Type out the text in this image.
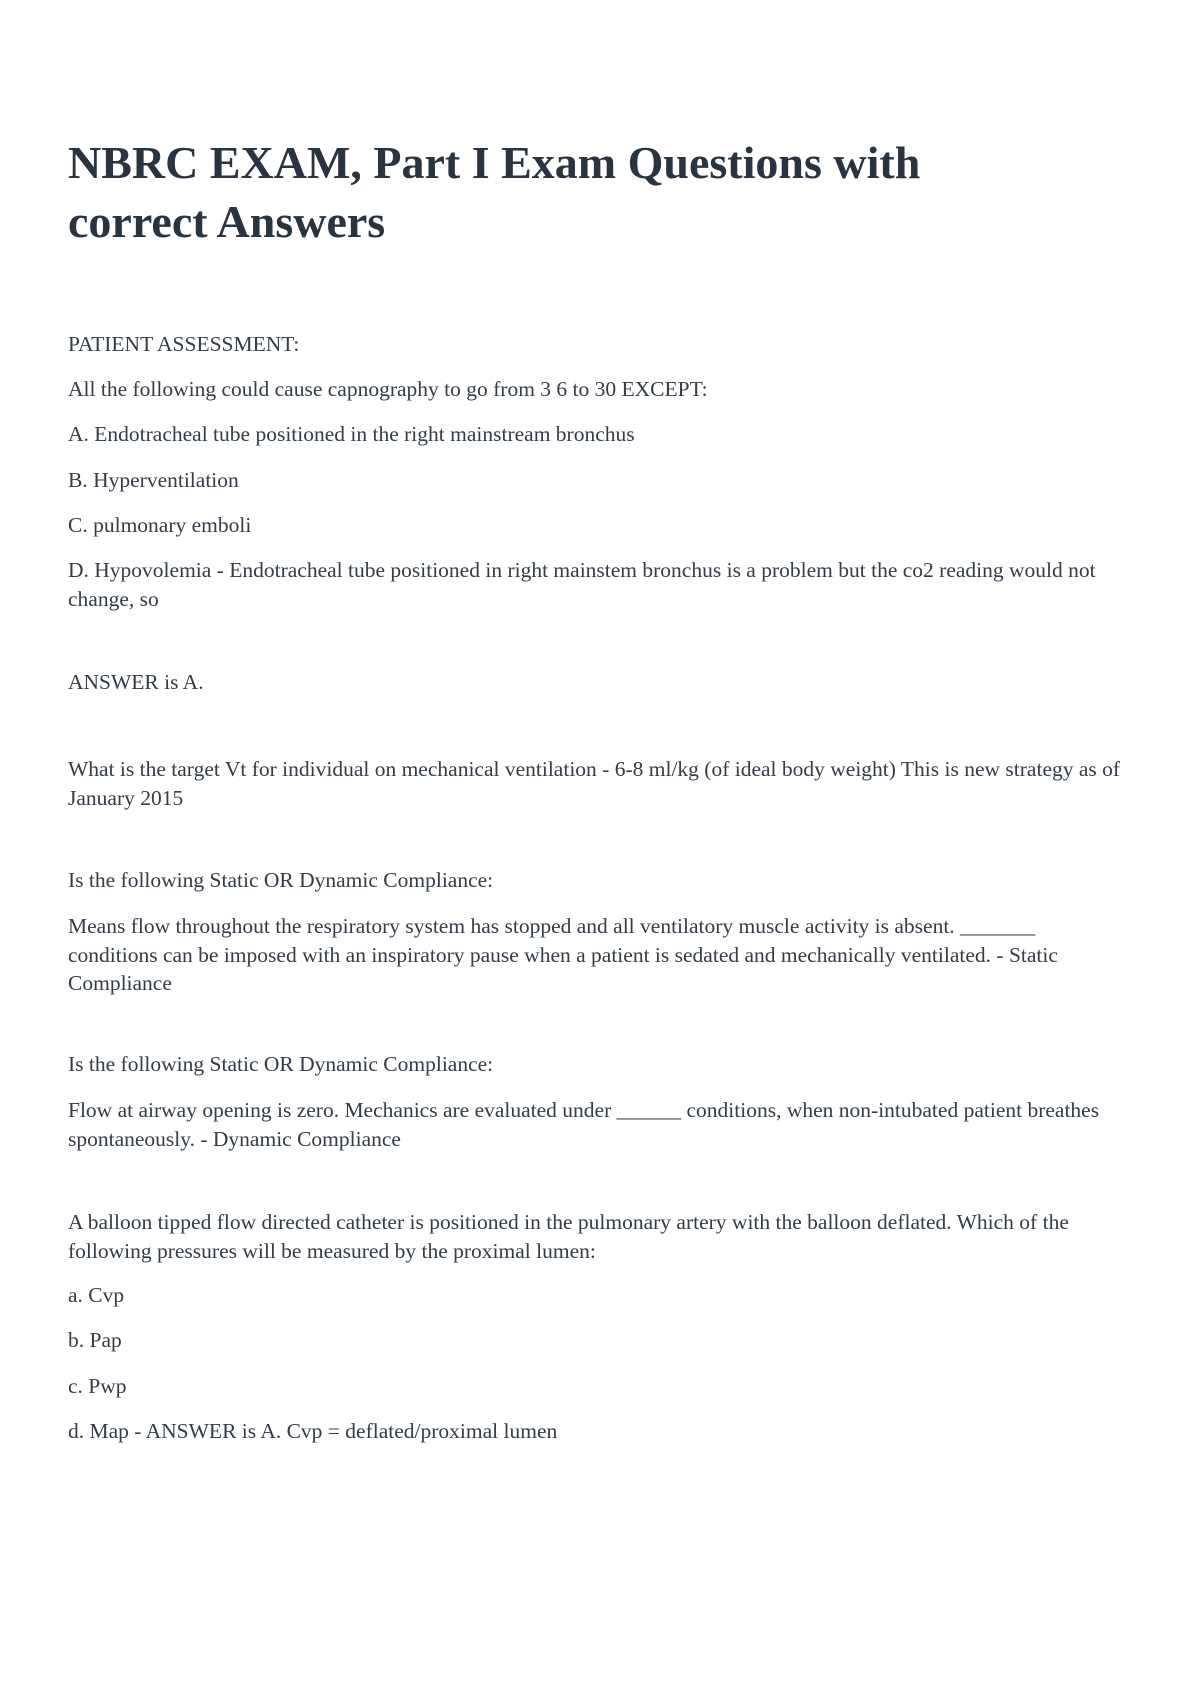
NBRC EXAM, Part I Exam Questions with correct Answers

PATIENT ASSESSMENT:

All the following could cause capnography to go from 3 6 to 30 EXCEPT:

A. Endotracheal tube positioned in the right mainstream bronchus

B. Hyperventilation

C. pulmonary emboli

D. Hypovolemia - Endotracheal tube positioned in right mainstem bronchus is a problem but the co2 reading would not change, so

ANSWER is A.

What is the target Vt for individual on mechanical ventilation - 6-8 ml/kg (of ideal body weight) This is new strategy as of January 2015

Is the following Static OR Dynamic Compliance:

Means flow throughout the respiratory system has stopped and all ventilatory muscle activity is absent. _______ conditions can be imposed with an inspiratory pause when a patient is sedated and mechanically ventilated. - Static Compliance

Is the following Static OR Dynamic Compliance:

Flow at airway opening is zero. Mechanics are evaluated under ______ conditions, when non-intubated patient breathes spontaneously. - Dynamic Compliance

A balloon tipped flow directed catheter is positioned in the pulmonary artery with the balloon deflated. Which of the following pressures will be measured by the proximal lumen:

a. Cvp

b. Pap

c. Pwp

d. Map - ANSWER is A. Cvp = deflated/proximal lumen
